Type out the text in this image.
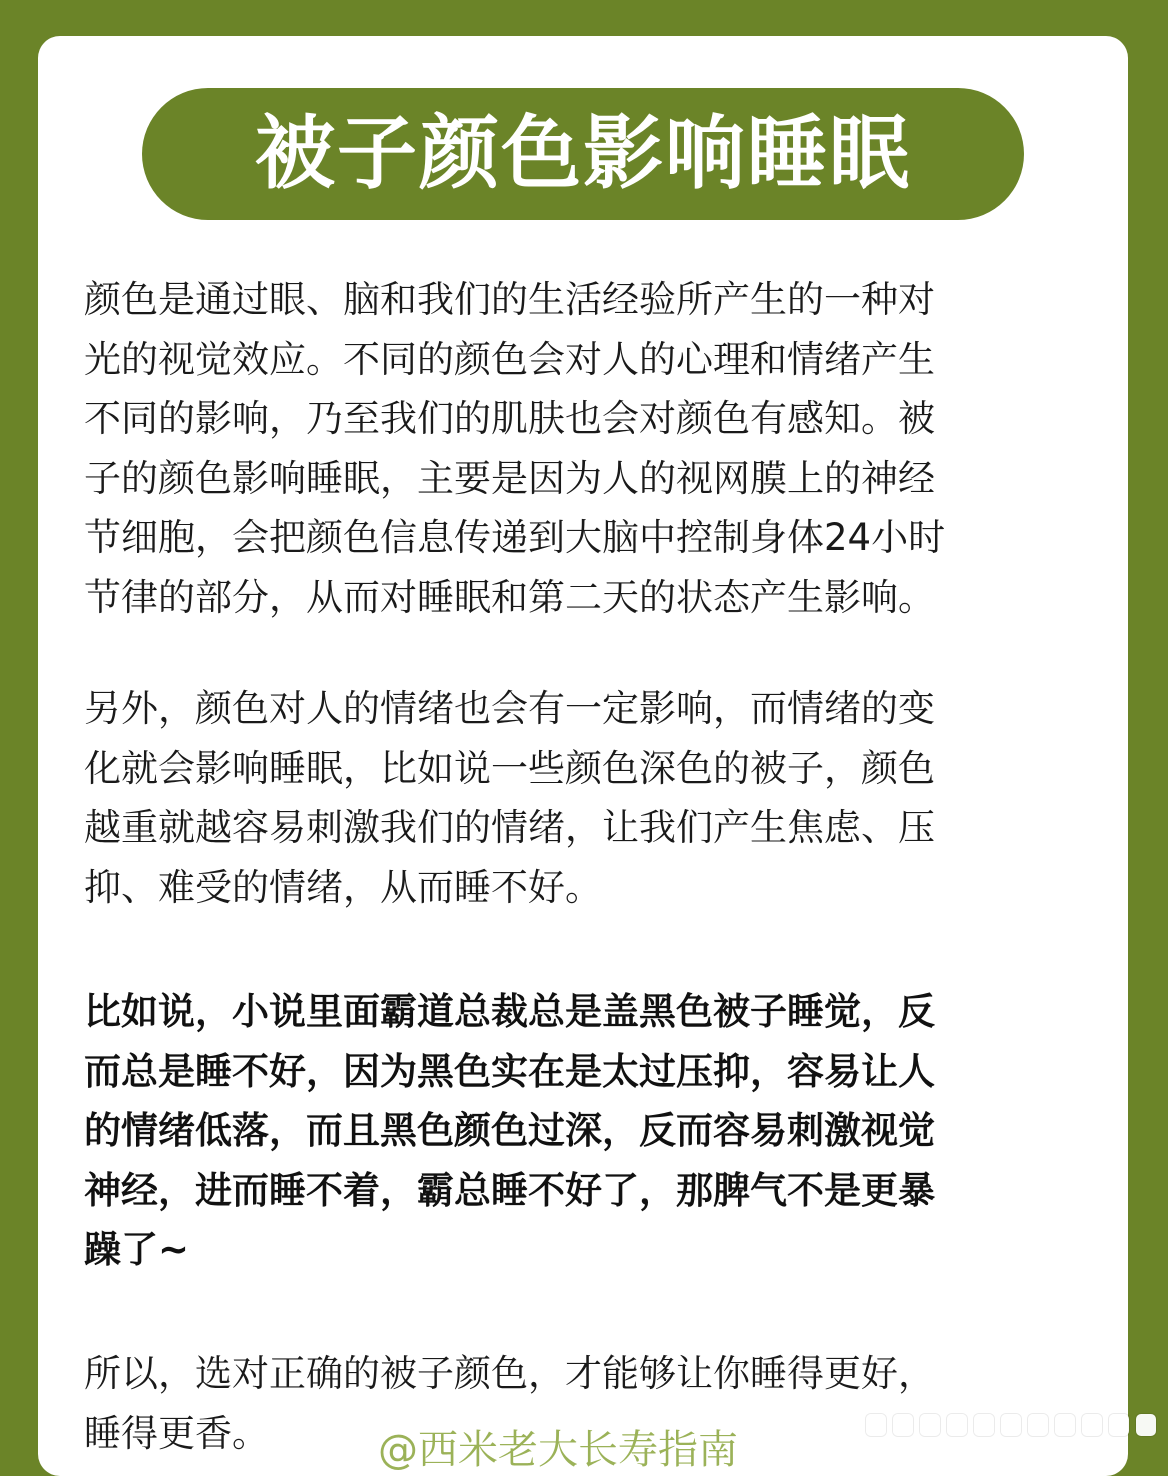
被子颜色影响睡眠

颜色是通过眼、脑和我们的生活经验所产生的一种对
光的视觉效应。不同的颜色会对人的心理和情绪产生
不同的影响，乃至我们的肌肤也会对颜色有感知。被
子的颜色影响睡眠，主要是因为人的视网膜上的神经
节细胞，会把颜色信息传递到大脑中控制身体24小时
节律的部分，从而对睡眠和第二天的状态产生影响。

另外，颜色对人的情绪也会有一定影响，而情绪的变
化就会影响睡眠，比如说一些颜色深色的被子，颜色
越重就越容易刺激我们的情绪，让我们产生焦虑、压
抑、难受的情绪，从而睡不好。

比如说，小说里面霸道总裁总是盖黑色被子睡觉，反
而总是睡不好，因为黑色实在是太过压抑，容易让人
的情绪低落，而且黑色颜色过深，反而容易刺激视觉
神经，进而睡不着，霸总睡不好了，那脾气不是更暴
躁了~

所以，选对正确的被子颜色，才能够让你睡得更好，
睡得更香。	@西米老大长寿指南
